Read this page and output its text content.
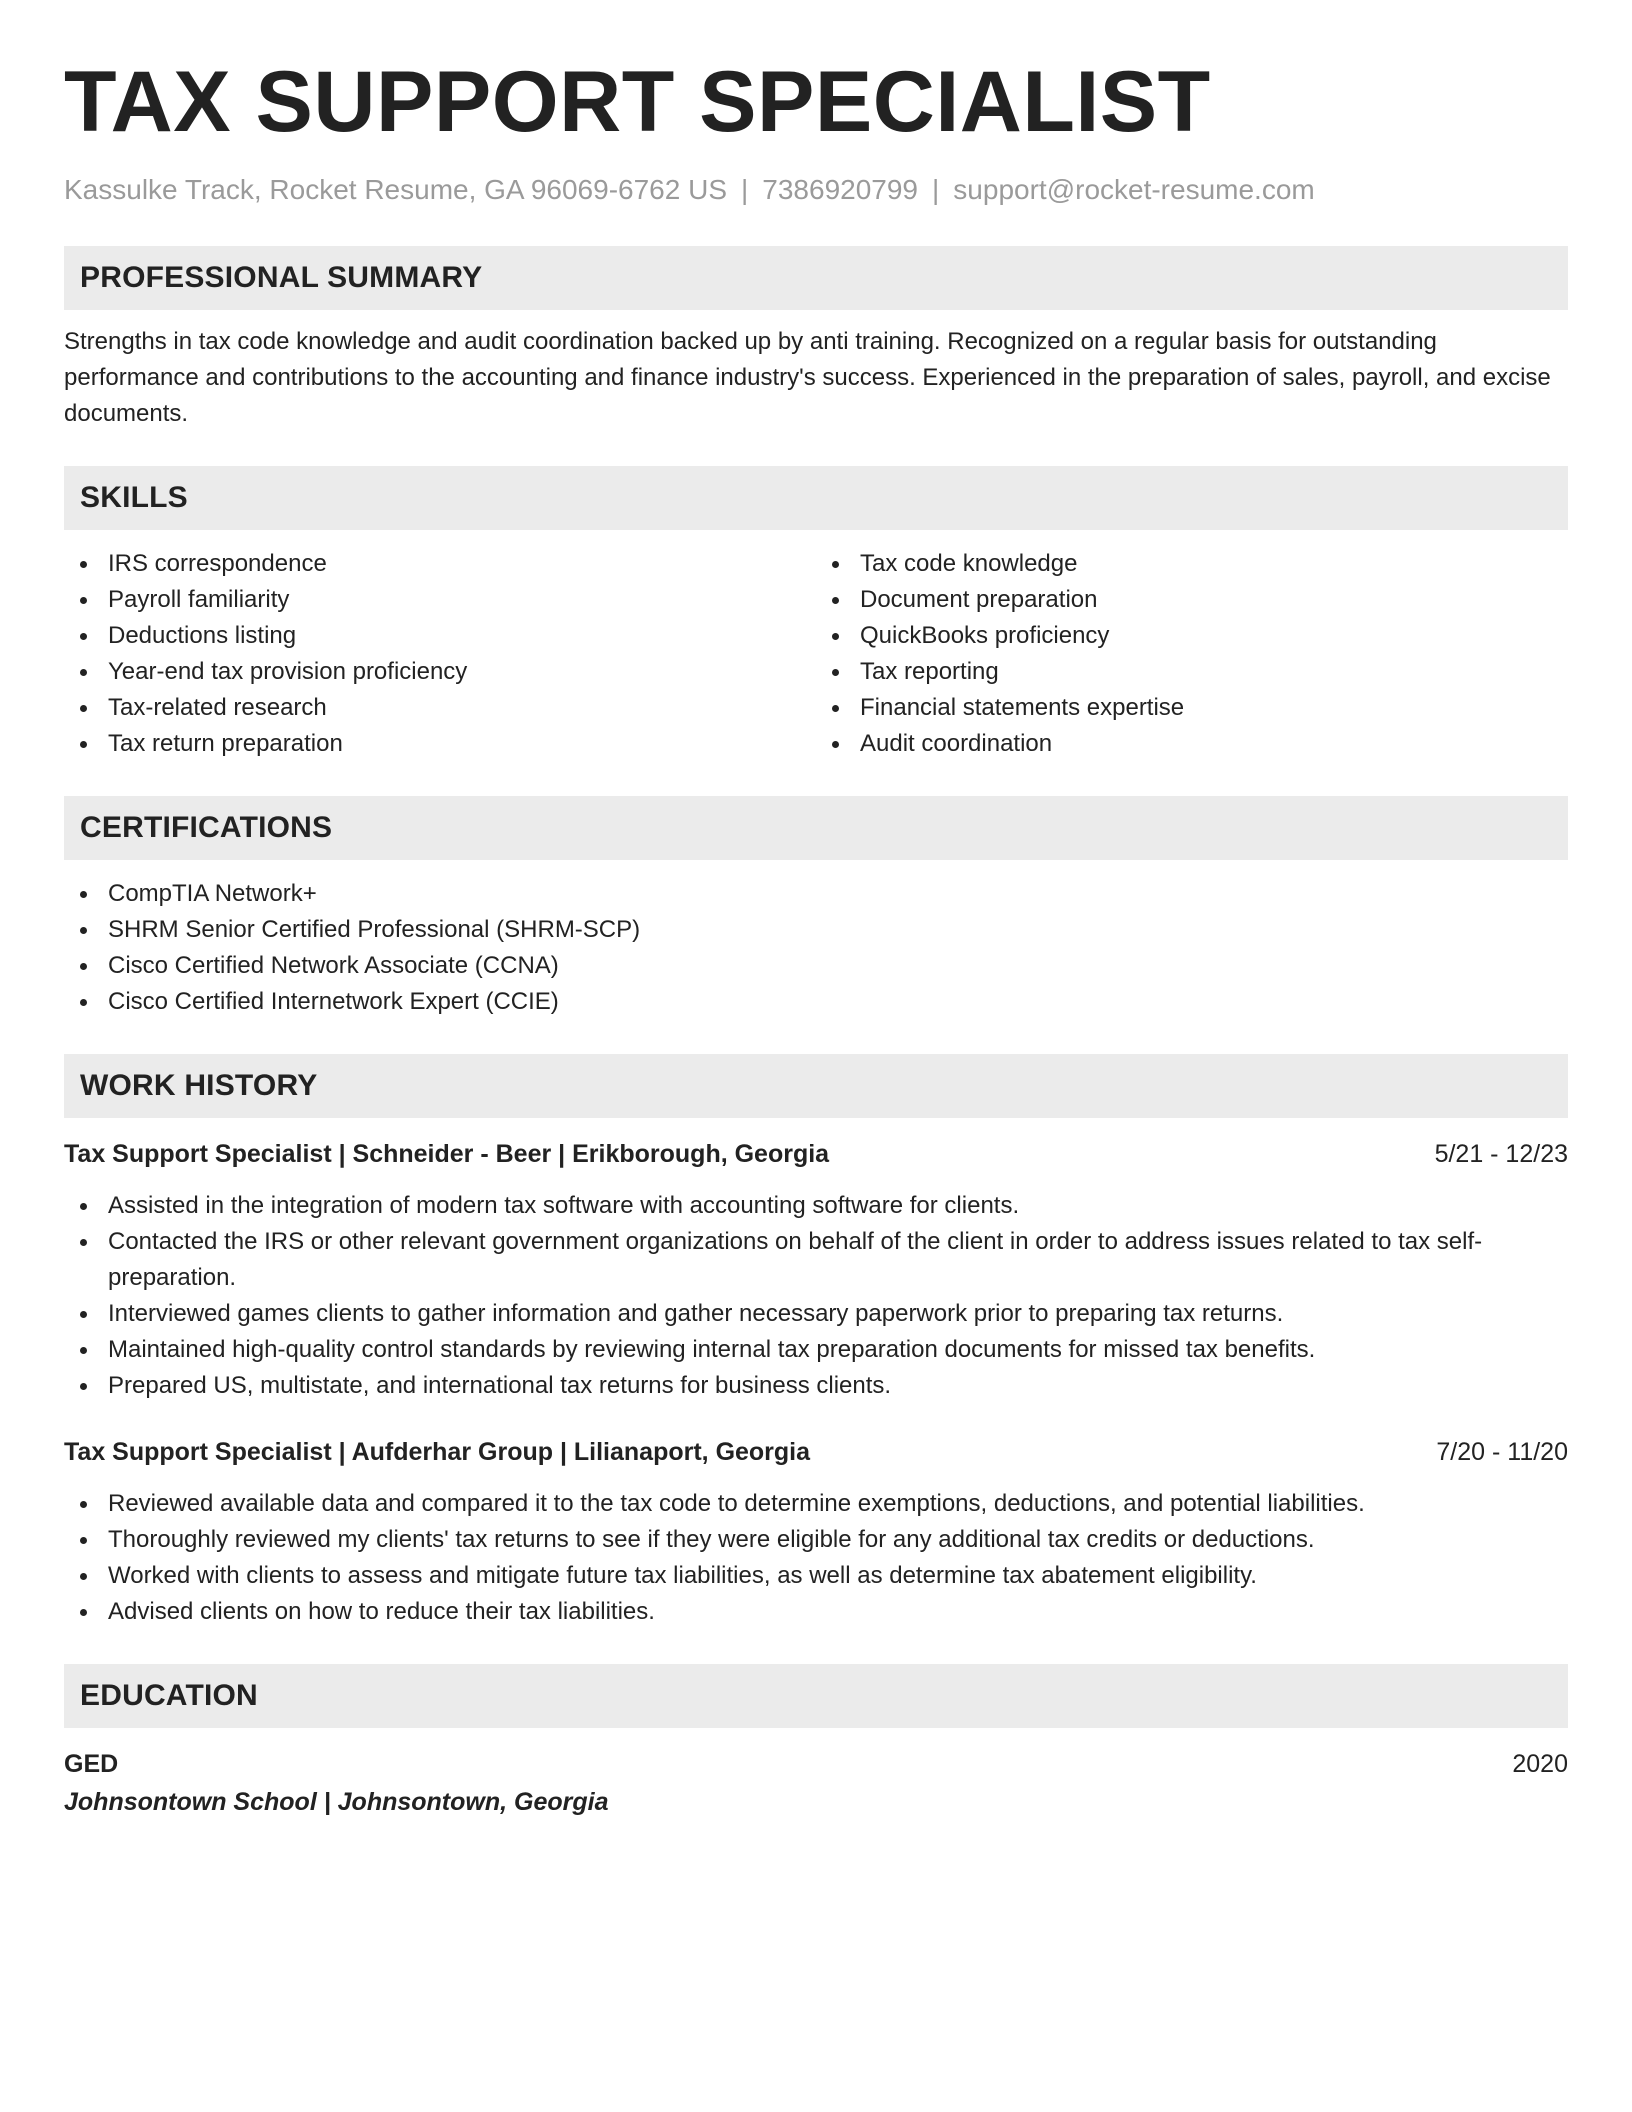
TAX SUPPORT SPECIALIST
Kassulke Track, Rocket Resume, GA 96069-6762 US | 7386920799 | support@rocket-resume.com
PROFESSIONAL SUMMARY
Strengths in tax code knowledge and audit coordination backed up by anti training. Recognized on a regular basis for outstanding performance and contributions to the accounting and finance industry's success. Experienced in the preparation of sales, payroll, and excise documents.
SKILLS
IRS correspondence
Payroll familiarity
Deductions listing
Year-end tax provision proficiency
Tax-related research
Tax return preparation
Tax code knowledge
Document preparation
QuickBooks proficiency
Tax reporting
Financial statements expertise
Audit coordination
CERTIFICATIONS
CompTIA Network+
SHRM Senior Certified Professional (SHRM-SCP)
Cisco Certified Network Associate (CCNA)
Cisco Certified Internetwork Expert (CCIE)
WORK HISTORY
Tax Support Specialist | Schneider - Beer | Erikborough, Georgia	5/21 - 12/23
Assisted in the integration of modern tax software with accounting software for clients.
Contacted the IRS or other relevant government organizations on behalf of the client in order to address issues related to tax self-preparation.
Interviewed games clients to gather information and gather necessary paperwork prior to preparing tax returns.
Maintained high-quality control standards by reviewing internal tax preparation documents for missed tax benefits.
Prepared US, multistate, and international tax returns for business clients.
Tax Support Specialist | Aufderhar Group | Lilianaport, Georgia	7/20 - 11/20
Reviewed available data and compared it to the tax code to determine exemptions, deductions, and potential liabilities.
Thoroughly reviewed my clients' tax returns to see if they were eligible for any additional tax credits or deductions.
Worked with clients to assess and mitigate future tax liabilities, as well as determine tax abatement eligibility.
Advised clients on how to reduce their tax liabilities.
EDUCATION
GED	2020
Johnsontown School | Johnsontown, Georgia
